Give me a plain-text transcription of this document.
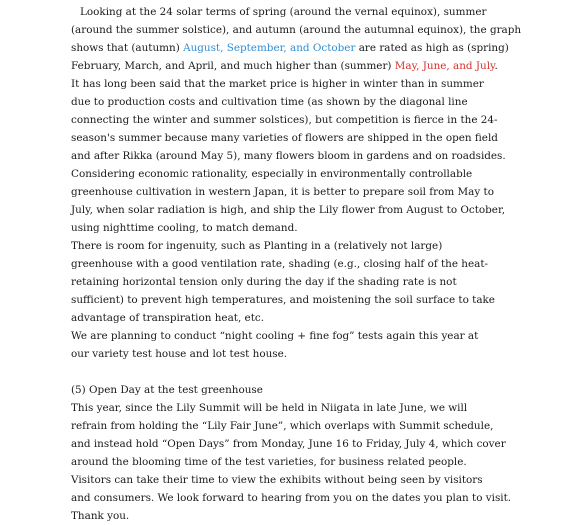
Looking at the 24 solar terms of spring (around the vernal equinox), summer
(around the summer solstice), and autumn (around the autumnal equinox), the graph
shows that (autumn) August, September, and October are rated as high as (spring)
February, March, and April, and much higher than (summer) May, June, and July.
It has long been said that the market price is higher in winter than in summer
due to production costs and cultivation time (as shown by the diagonal line
connecting the winter and summer solstices), but competition is fierce in the 24-
season's summer because many varieties of flowers are shipped in the open field
and after Rikka (around May 5), many flowers bloom in gardens and on roadsides.

Considering economic rationality, especially in environmentally controllable
greenhouse cultivation in western Japan, it is better to prepare soil from May to
July, when solar radiation is high, and ship the Lily flower from August to October,
using nighttime cooling, to match demand.

There is room for ingenuity, such as Planting in a (relatively not large)
greenhouse with a good ventilation rate, shading (e.g., closing half of the heat-
retaining horizontal tension only during the day if the shading rate is not
sufficient) to prevent high temperatures, and moistening the soil surface to take
advantage of transpiration heat, etc.

We are planning to conduct “night cooling + fine fog” tests again this year at
our variety test house and lot test house.

(5) Open Day at the test greenhouse

This year, since the Lily Summit will be held in Niigata in late June, we will
refrain from holding the “Lily Fair June”, which overlaps with Summit schedule,
and instead hold “Open Days” from Monday, June 16 to Friday, July 4, which cover
around the blooming time of the test varieties, for business related people.
Visitors can take their time to view the exhibits without being seen by visitors
and consumers. We look forward to hearing from you on the dates you plan to visit.
Thank you.
